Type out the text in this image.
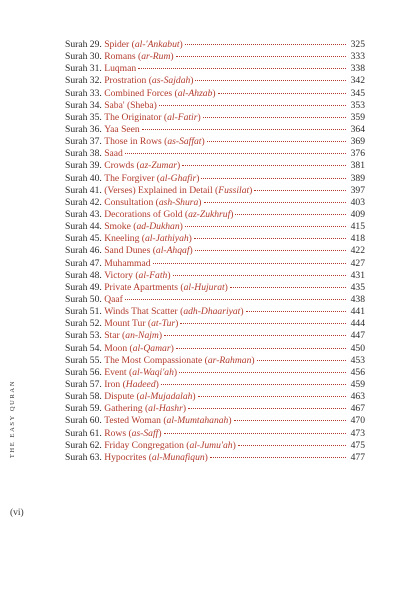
THE EASY QURAN
(vi)
Surah
29.
Spider ( al-'Ankabut )	325
Surah
30.
Romans ( ar-Rum )	333
Surah
31.
Luqman	338
Surah
32.
Prostration ( as-Sajdah )	342
Surah
33.
Combined Forces ( al-Ahzab )	345
Surah
34.
Saba' (Sheba)	353
Surah
35.
The Originator ( al-Fatir )	359
Surah
36.
Yaa Seen	364
Surah
37.
Those in Rows ( as-Saffat )	369
Surah
38.
Saad	376
Surah
39.
Crowds ( az-Zumar )	381
Surah
40.
The Forgiver ( al-Ghafir )	389
Surah
41.
(Verses) Explained in Detail ( Fussilat )	397
Surah
42.
Consultation ( ash-Shura )	403
Surah
43.
Decorations of Gold ( az-Zukhruf )	409
Surah
44.
Smoke ( ad-Dukhan )	415
Surah
45.
Kneeling ( al-Jathiyah )	418
Surah
46.
Sand Dunes ( al-Ahqaf )	422
Surah
47.
Muhammad	427
Surah
48.
Victory ( al-Fath )	431
Surah
49.
Private Apartments ( al-Hujurat )	435
Surah
50.
Qaaf	438
Surah
51.
Winds That Scatter ( adh-Dhaariyat )	441
Surah
52.
Mount Tur ( at-Tur )	444
Surah
53.
Star ( an-Najm )	447
Surah
54.
Moon ( al-Qamar )	450
Surah
55.
The Most Compassionate ( ar-Rahman )	453
Surah
56.
Event ( al-Waqi'ah )	456
Surah
57.
Iron ( Hadeed )	459
Surah
58.
Dispute ( al-Mujadalah )	463
Surah
59.
Gathering ( al-Hashr )	467
Surah
60.
Tested Woman ( al-Mumtahanah )	470
Surah
61.
Rows ( as-Saff )	473
Surah
62.
Friday Congregation ( al-Jumu'ah )	475
Surah
63.
Hypocrites ( al-Munafiqun )	477
